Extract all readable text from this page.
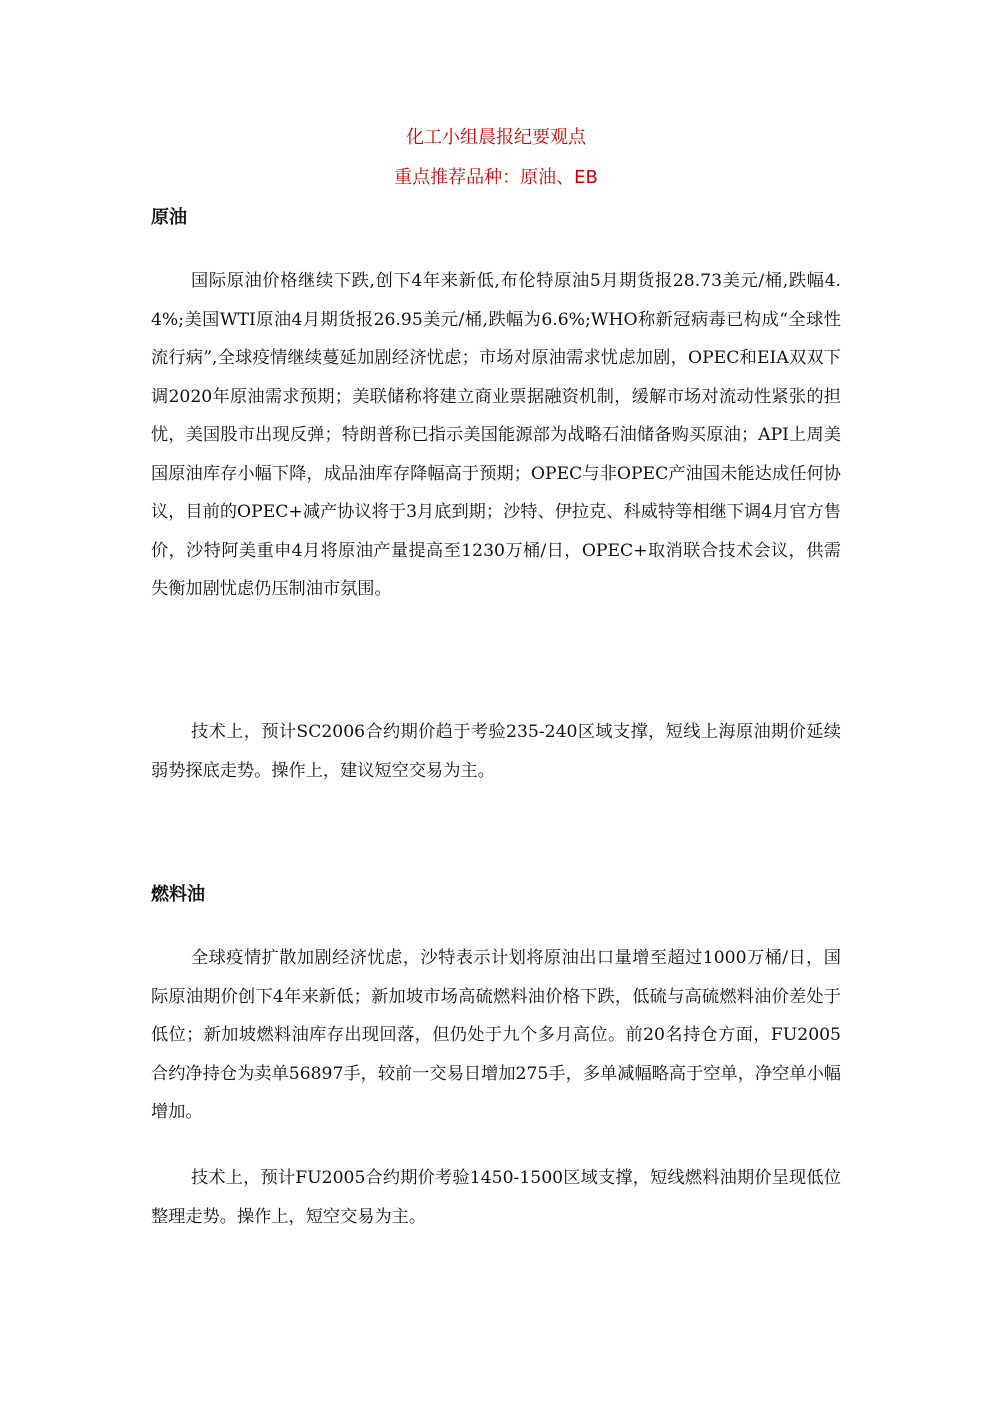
化工小组晨报纪要观点

重点推荐品种：原油、EB

原油

国际原油价格继续下跌,创下4年来新低,布伦特原油5月期货报28.73美元/桶,跌幅4.4%;美国WTI原油4月期货报26.95美元/桶,跌幅为6.6%;WHO称新冠病毒已构成“全球性流行病”,全球疫情继续蔓延加剧经济忧虑；市场对原油需求忧虑加剧，OPEC和EIA双双下调2020年原油需求预期；美联储称将建立商业票据融资机制，缓解市场对流动性紧张的担忧，美国股市出现反弹；特朗普称已指示美国能源部为战略石油储备购买原油；API上周美国原油库存小幅下降，成品油库存降幅高于预期；OPEC与非OPEC产油国未能达成任何协议，目前的OPEC+减产协议将于3月底到期；沙特、伊拉克、科威特等相继下调4月官方售价，沙特阿美重申4月将原油产量提高至1230万桶/日，OPEC+取消联合技术会议，供需失衡加剧忧虑仍压制油市氛围。

技术上，预计SC2006合约期价趋于考验235-240区域支撑，短线上海原油期价延续弱势探底走势。操作上，建议短空交易为主。

燃料油

全球疫情扩散加剧经济忧虑，沙特表示计划将原油出口量增至超过1000万桶/日，国际原油期价创下4年来新低；新加坡市场高硫燃料油价格下跌，低硫与高硫燃料油价差处于低位；新加坡燃料油库存出现回落，但仍处于九个多月高位。前20名持仓方面，FU2005合约净持仓为卖单56897手，较前一交易日增加275手，多单减幅略高于空单，净空单小幅增加。

技术上，预计FU2005合约期价考验1450-1500区域支撑，短线燃料油期价呈现低位整理走势。操作上，短空交易为主。
